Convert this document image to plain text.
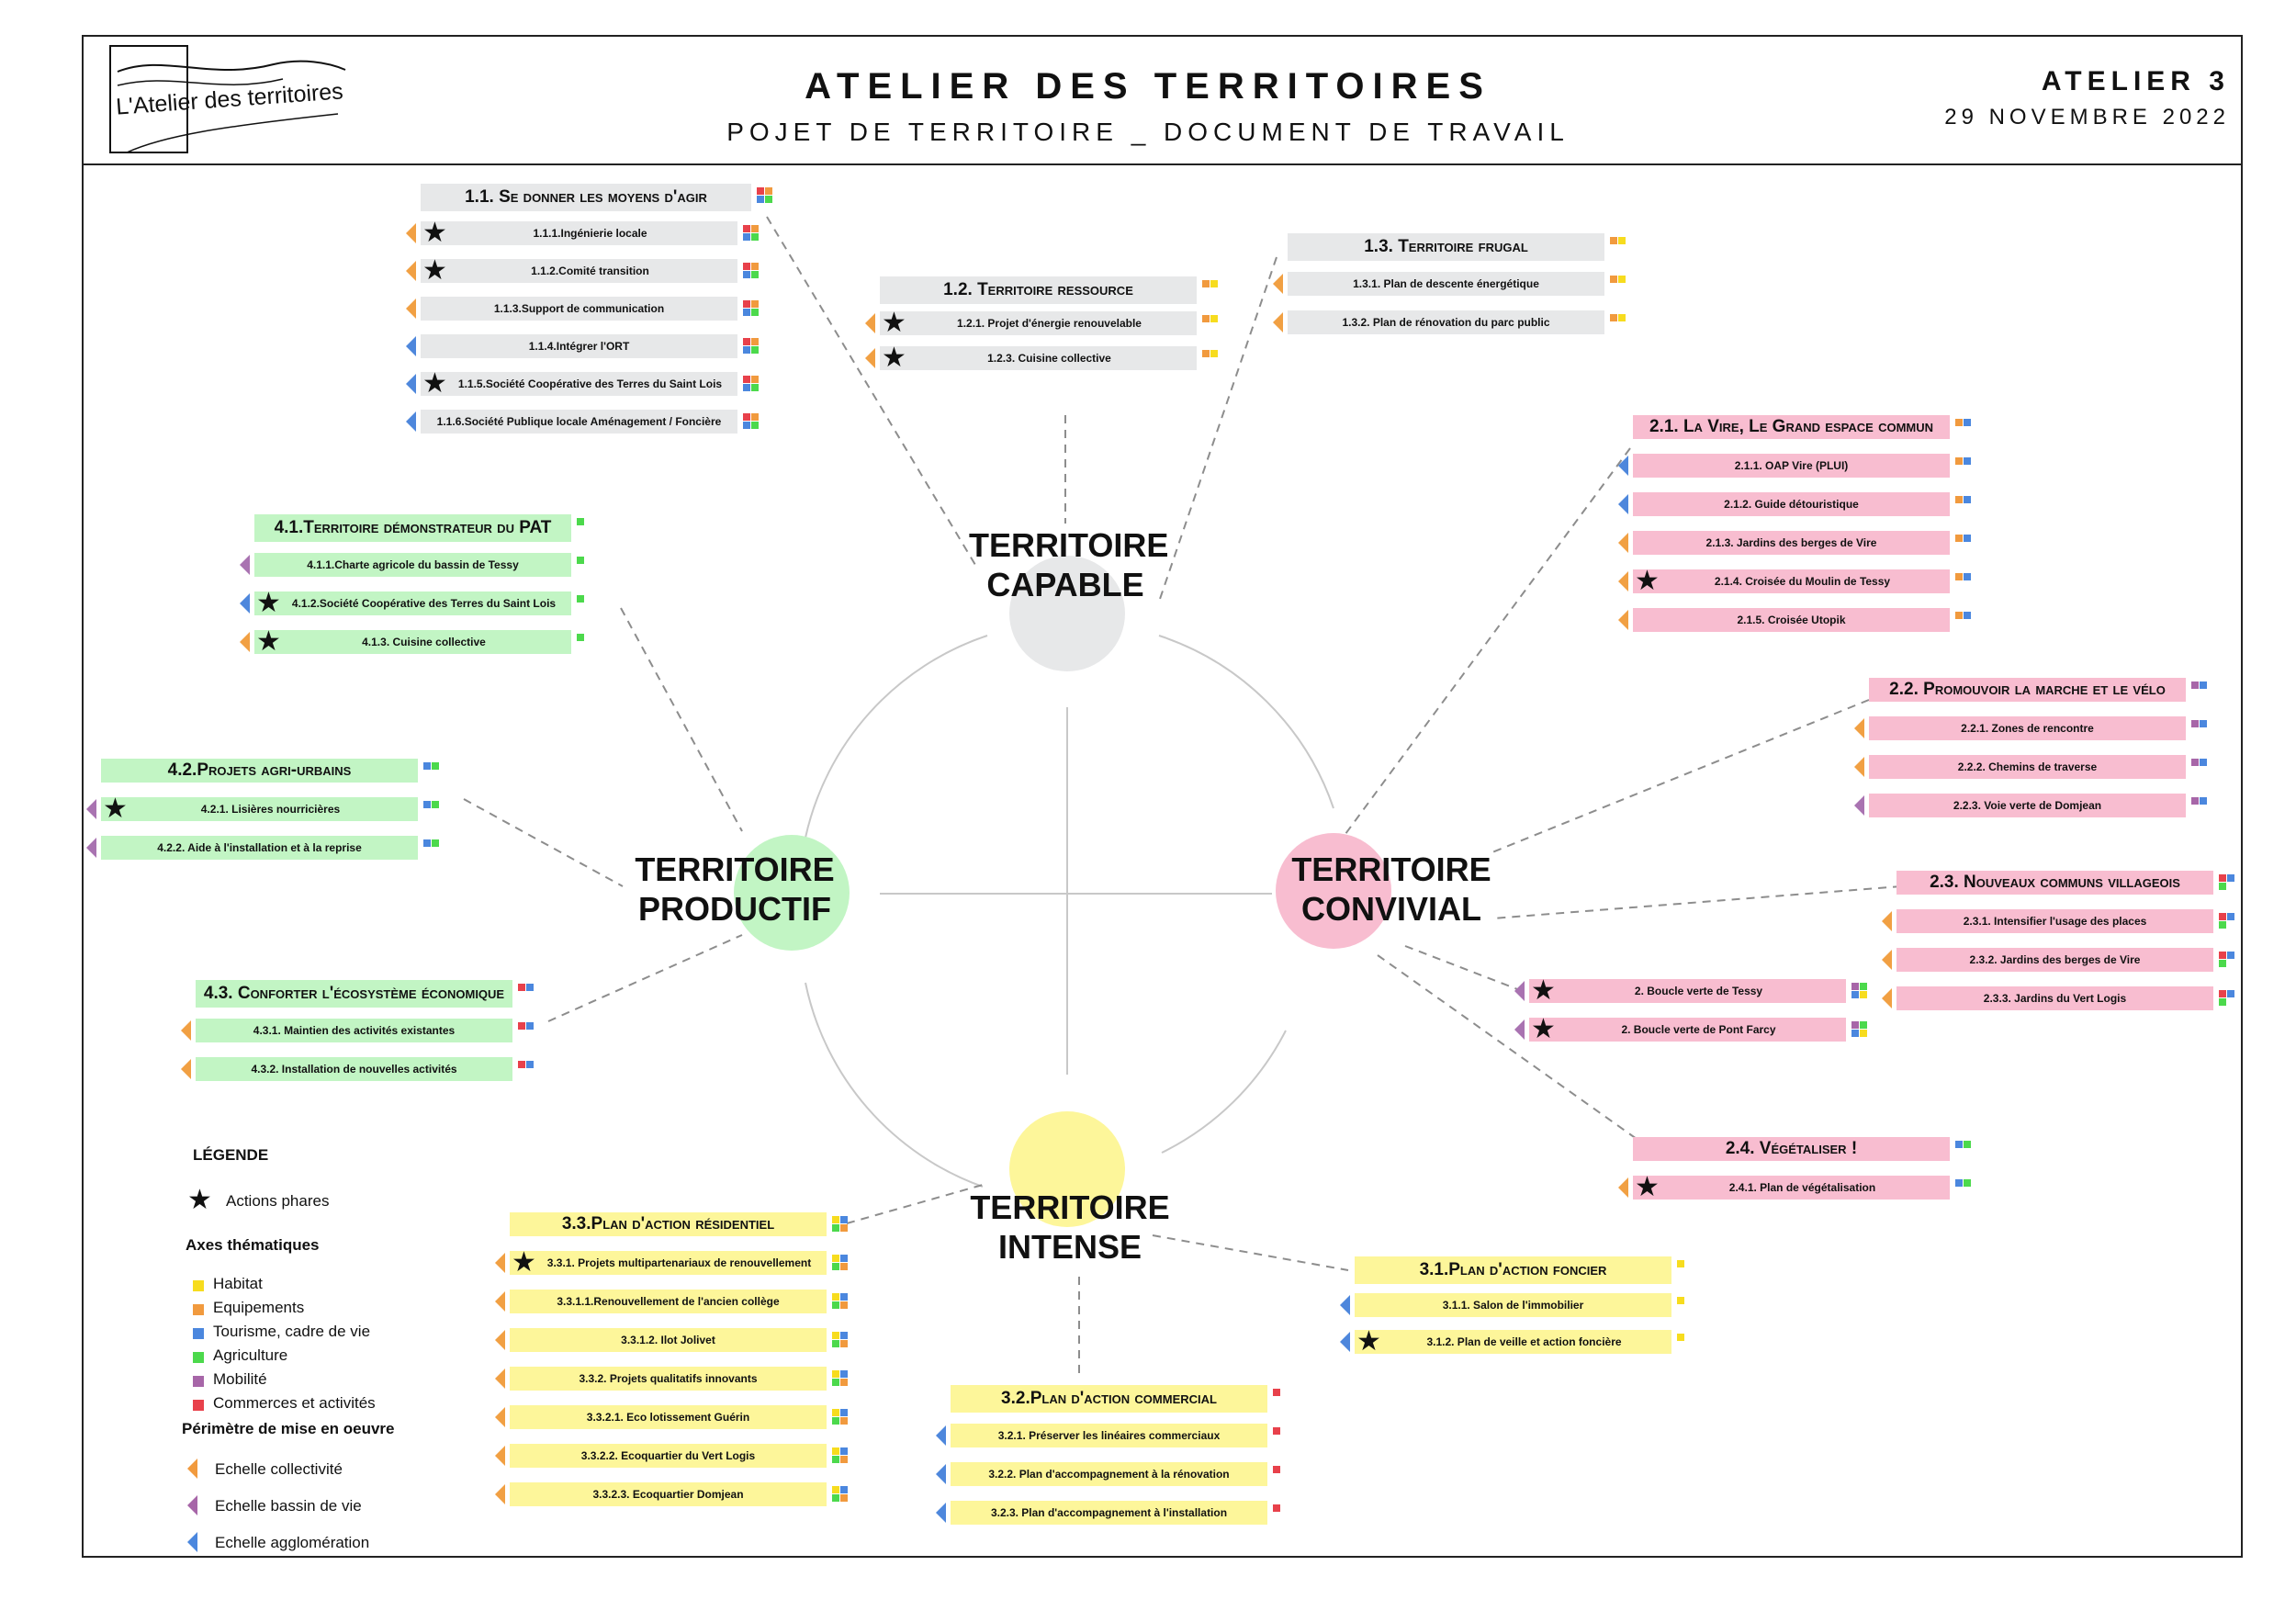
L'Atelier des territoires	ATELIER DES TERRITOIRES
POJET DE TERRITOIRE _ DOCUMENT DE TRAVAIL
ATELIER 3
29 NOVEMBRE 2022
TERRITOIRE
CAPABLE
TERRITOIRE
CONVIVIAL
TERRITOIRE
PRODUCTIF
TERRITOIRE
INTENSE
1.1. Se donner les moyens d'agir
1.1.1.Ingénierie locale
★
1.1.2.Comité transition
★
1.1.3.Support de communication
1.1.4.Intégrer l'ORT
1.1.5.Société Coopérative des Terres du Saint Lois
★
1.1.6.Société Publique locale Aménagement / Foncière
1.2. Territoire ressource
1.2.1. Projet d'énergie renouvelable
★
1.2.3. Cuisine collective
★
1.3. Territoire frugal
1.3.1. Plan de descente énergétique
1.3.2. Plan de rénovation du parc public
2.1. La Vire, Le Grand espace commun
2.1.1. OAP Vire (PLUI)
2.1.2. Guide détouristique
2.1.3. Jardins des berges de Vire
2.1.4. Croisée du Moulin de Tessy
★
2.1.5. Croisée Utopik
2.2. Promouvoir la marche et le vélo
2.2.1. Zones de rencontre
2.2.2. Chemins de traverse
2.2.3. Voie verte de Domjean
2.3. Nouveaux communs villageois
2.3.1. Intensifier l'usage des places
2.3.2. Jardins des berges de Vire
2.3.3. Jardins du Vert Logis
2. Boucle verte de Tessy
★
2. Boucle verte de Pont Farcy
★
2.4. Végétaliser !
2.4.1. Plan de végétalisation
★
4.1.Territoire démonstrateur du PAT
4.1.1.Charte agricole du bassin de Tessy
4.1.2.Société Coopérative des Terres du Saint Lois
★
4.1.3. Cuisine collective
★
4.2.Projets agri-urbains
4.2.1. Lisières nourricières
★
4.2.2. Aide à l'installation et à la reprise
4.3. Conforter l'écosystème économique
4.3.1. Maintien des activités existantes
4.3.2. Installation de nouvelles activités
3.3.Plan d'action résidentiel
3.3.1. Projets multipartenariaux de renouvellement
★
3.3.1.1.Renouvellement de l'ancien collège
3.3.1.2. Ilot Jolivet
3.3.2. Projets qualitatifs innovants
3.3.2.1. Eco lotissement Guérin
3.3.2.2. Ecoquartier du Vert Logis
3.3.2.3. Ecoquartier Domjean
3.2.Plan d'action commercial
3.2.1. Préserver les linéaires commerciaux
3.2.2. Plan d'accompagnement à la rénovation
3.2.3. Plan d'accompagnement à l'installation
3.1.Plan d'action foncier
3.1.1. Salon de l'immobilier
3.1.2. Plan de veille et action foncière
★
LÉGENDE
★ Actions phares
Axes thématiques
Habitat
Equipements
Tourisme, cadre de vie
Agriculture
Mobilité
Commerces et activités
Périmètre de mise en oeuvre
Echelle collectivité
Echelle bassin de vie
Echelle agglomération
